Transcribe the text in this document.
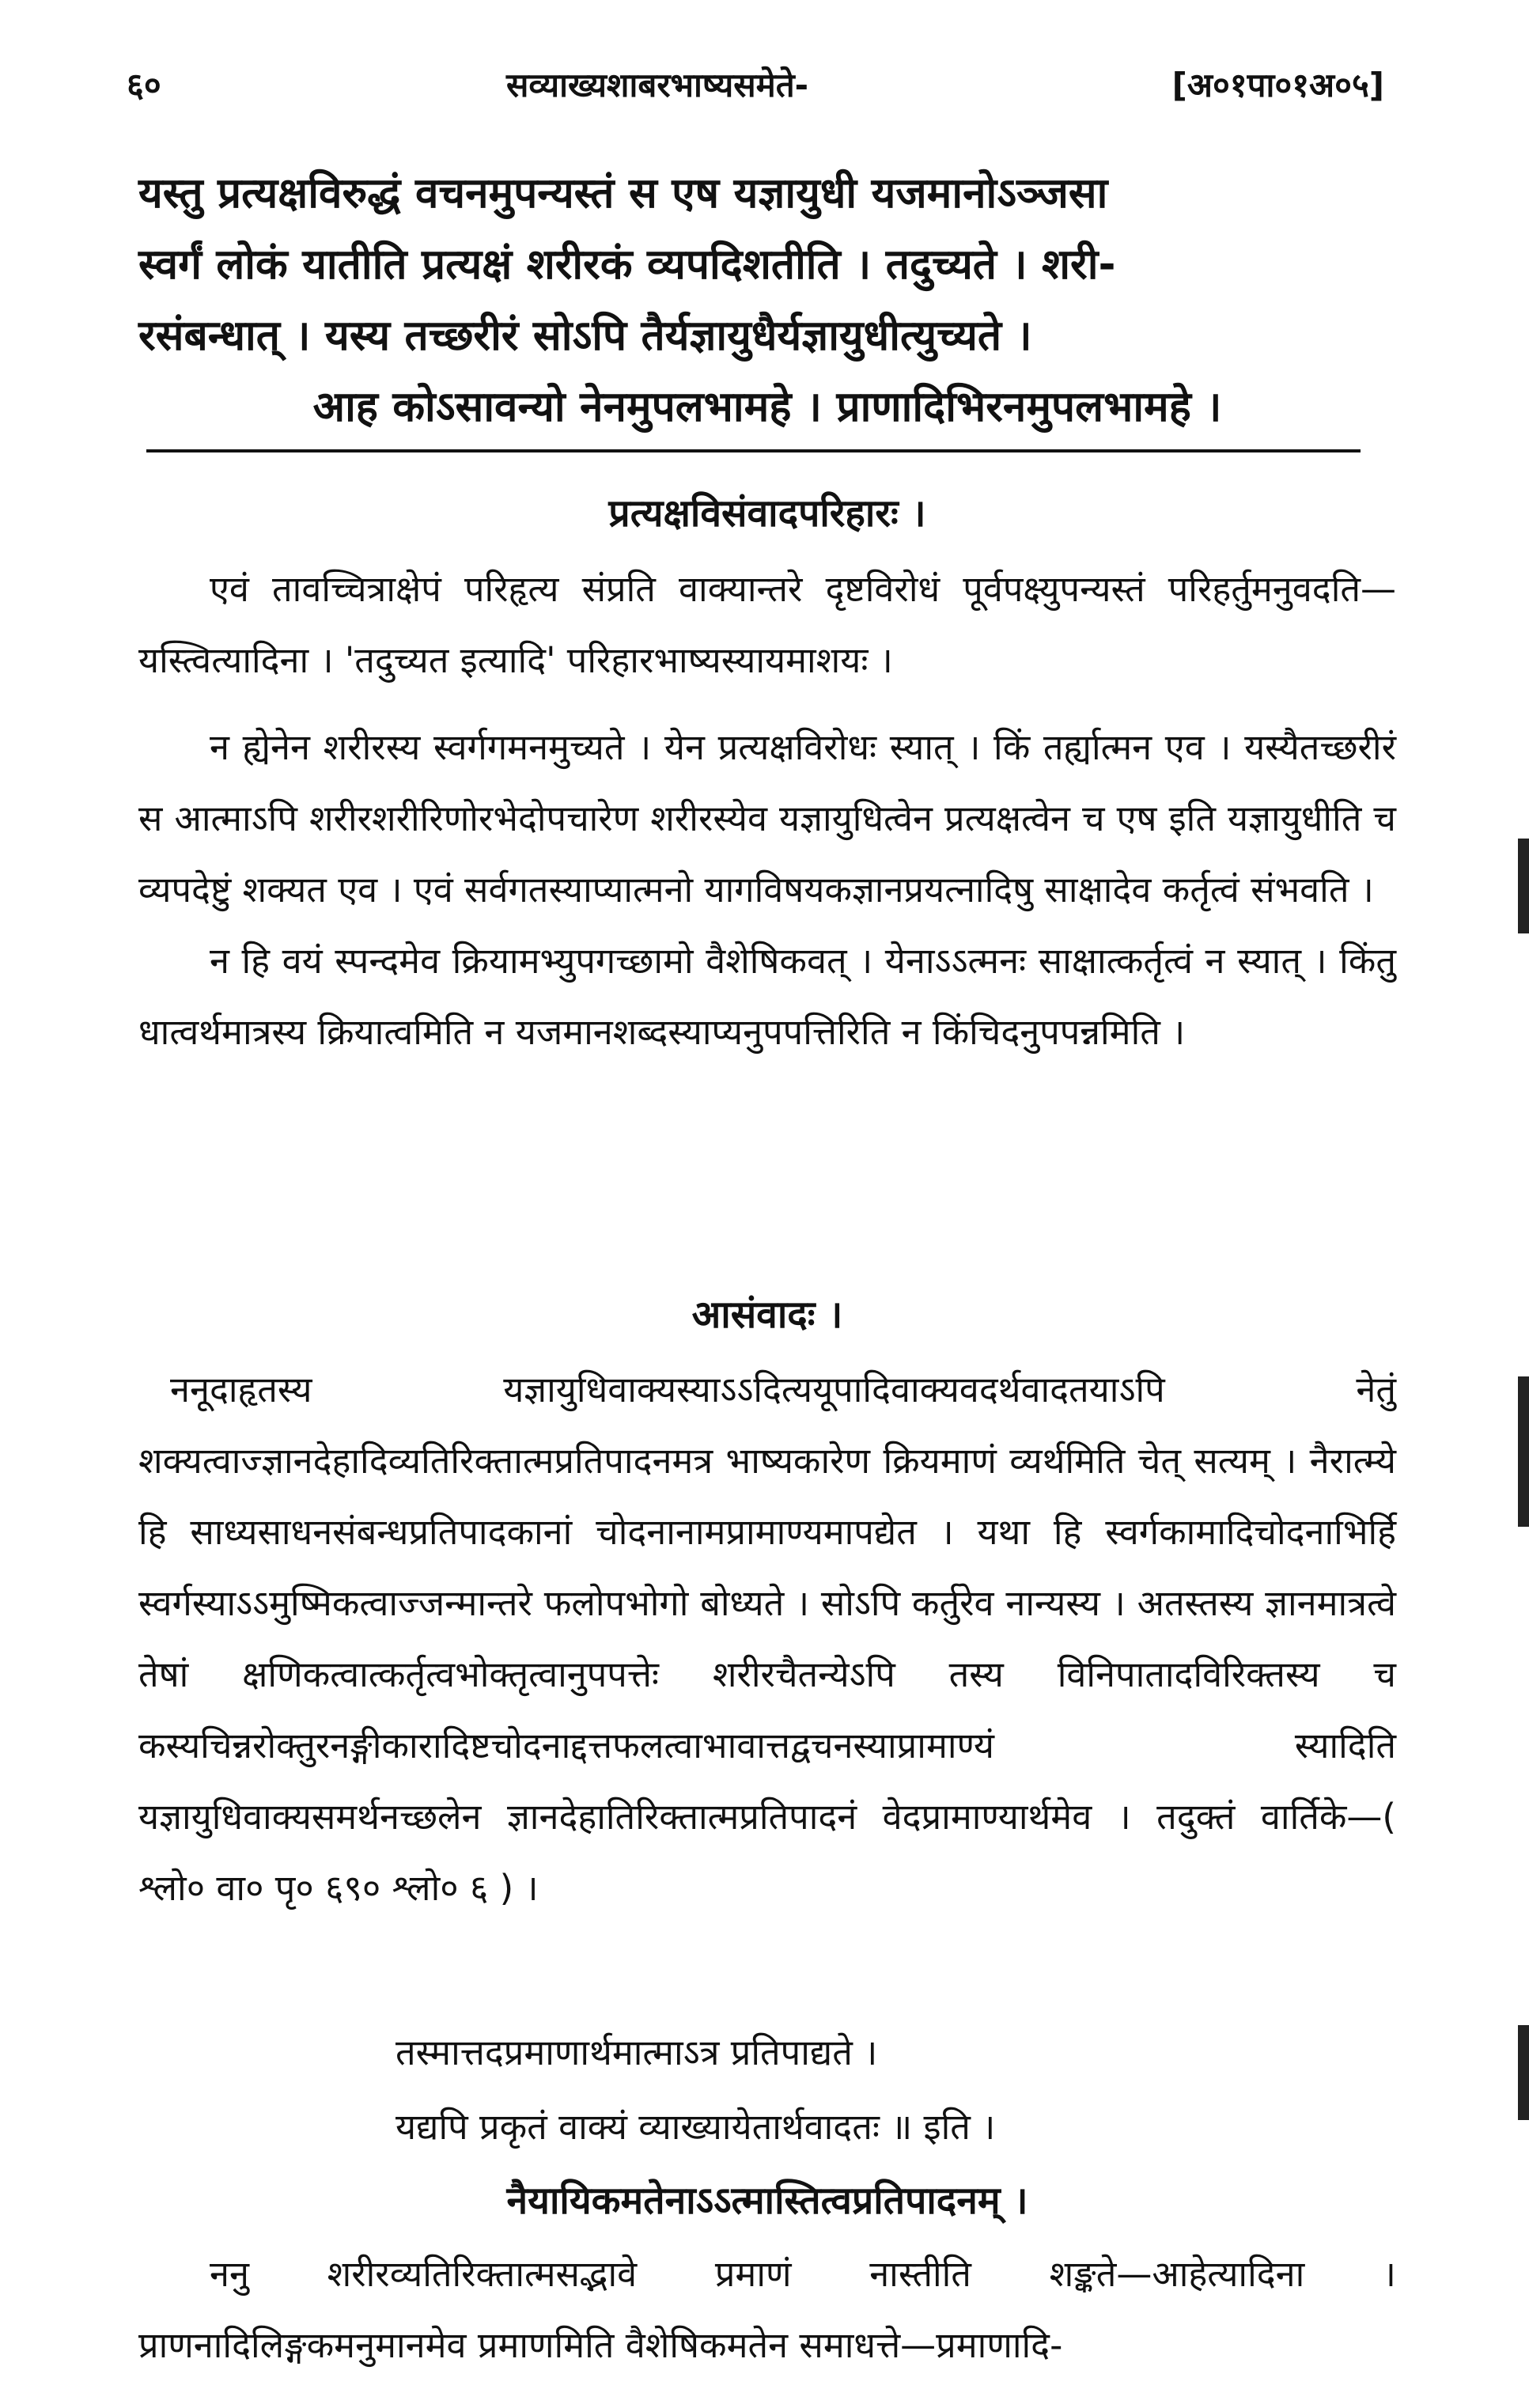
६०	सव्याख्यशाबरभाष्यसमेते-	[अ०१पा०१अ०५]
यस्तु प्रत्यक्षविरुद्धं वचनमुपन्यस्तं स एष यज्ञायुधी यजमानोऽञ्जसा
स्वर्गं लोकं यातीति प्रत्यक्षं शरीरकं व्यपदिशतीति । तदुच्यते । शरी-
रसंबन्धात् । यस्य तच्छरीरं सोऽपि तैर्यज्ञायुधैर्यज्ञायुधीत्युच्यते ।
आह कोऽसावन्यो नेनमुपलभामहे । प्राणादिभिरनमुपलभामहे ।
प्रत्यक्षविसंवादपरिहारः ।

एवं तावच्चित्राक्षेपं परिहृत्य संप्रति वाक्यान्तरे दृष्टविरोधं पूर्वपक्ष्युपन्यस्तं परिहर्तुमनुवदति—यस्त्वित्यादिना । 'तदुच्यत इत्यादि' परिहारभाष्यस्यायमाशयः ।

न ह्येनेन शरीरस्य स्वर्गगमनमुच्यते । येन प्रत्यक्षविरोधः स्यात् । किं तर्ह्यात्मन एव । यस्यैतच्छरीरं स आत्माऽपि शरीरशरीरिणोरभेदोपचारेण शरीरस्येव यज्ञायुधित्वेन प्रत्यक्षत्वेन च एष इति यज्ञायुधीति च व्यपदेष्टुं शक्यत एव । एवं सर्वगतस्याप्यात्मनो यागविषयकज्ञानप्रयत्नादिषु साक्षादेव कर्तृत्वं संभवति ।

न हि वयं स्पन्दमेव क्रियामभ्युपगच्छामो वैशेषिकवत् । येनाऽऽत्मनः साक्षात्कर्तृत्वं न स्यात् । किंतु धात्वर्थमात्रस्य क्रियात्वमिति न यजमानशब्दस्याप्यनुपपत्तिरिति न किंचिदनुपपन्नमिति ।

आसंवादः ।

ननूदाहृतस्य यज्ञायुधिवाक्यस्याऽऽदित्ययूपादिवाक्यवदर्थवादतयाऽपि नेतुं शक्यत्वाज्ज्ञानदेहादिव्यतिरिक्तात्मप्रतिपादनमत्र भाष्यकारेण क्रियमाणं व्यर्थमिति चेत् सत्यम् । नैरात्म्ये हि साध्यसाधनसंबन्धप्रतिपादकानां चोदनानामप्रामाण्यमापद्येत । यथा हि स्वर्गकामादिचोदनाभिर्हि स्वर्गस्याऽऽमुष्मिकत्वाज्जन्मान्तरे फलोपभोगो बोध्यते । सोऽपि कर्तुरेव नान्यस्य । अतस्तस्य ज्ञानमात्रत्वे तेषां क्षणिकत्वात्कर्तृत्वभोक्तृत्वानुपपत्तेः शरीरचैतन्येऽपि तस्य विनिपातादविरिक्तस्य च कस्यचिन्नरोक्तुरनङ्गीकारादिष्टचोदनाद्दत्तफलत्वाभावात्तद्वचनस्याप्रामाण्यं स्यादिति यज्ञायुधिवाक्यसमर्थनच्छलेन ज्ञानदेहातिरिक्तात्मप्रतिपादनं वेदप्रामाण्यार्थमेव । तदुक्तं वार्तिके—( श्लो० वा० पृ० ६९० श्लो० ६ ) ।

तस्मात्तदप्रमाणार्थमात्माऽत्र प्रतिपाद्यते ।
यद्यपि प्रकृतं वाक्यं व्याख्यायेतार्थवादतः ॥ इति ।
नैयायिकमतेनाऽऽत्मास्तित्वप्रतिपादनम् ।

ननु शरीरव्यतिरिक्तात्मसद्भावे प्रमाणं नास्तीति शङ्कते—आहेत्यादिना । प्राणनादिलिङ्गकमनुमानमेव प्रमाणमिति वैशेषिकमतेन समाधत्ते—प्रमाणादि-
